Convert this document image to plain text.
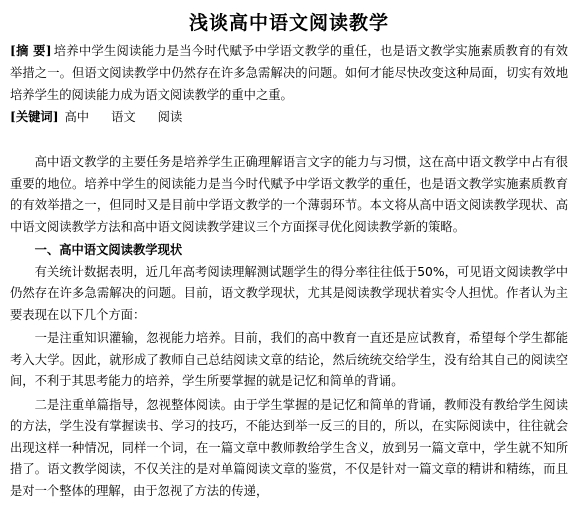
浅谈高中语文阅读教学
[摘 要] 培养中学生阅读能力是当今时代赋予中学语文教学的重任，也是语文教学实施素质教育的有效举措之一。但语文阅读教学中仍然存在许多急需解决的问题。如何才能尽快改变这种局面，切实有效地培养学生的阅读能力成为语文阅读教学的重中之重。
[关键词] 高中 语文 阅读

高中语文教学的主要任务是培养学生正确理解语言文字的能力与习惯，这在高中语文教学中占有很重要的地位。培养中学生的阅读能力是当今时代赋予中学语文教学的重任，也是语文教学实施素质教育的有效举措之一，但同时又是目前中学语文教学的一个薄弱环节。本文将从高中语文阅读教学现状、高中语文阅读教学方法和高中语文阅读教学建议三个方面探寻优化阅读教学新的策略。

一、高中语文阅读教学现状

有关统计数据表明，近几年高考阅读理解测试题学生的得分率往往低于50%，可见语文阅读教学中仍然存在许多急需解决的问题。目前，语文教学现状，尤其是阅读教学现状着实令人担忧。作者认为主要表现在以下几个方面：

一是注重知识灌输，忽视能力培养。目前，我们的高中教育一直还是应试教育，希望每个学生都能考入大学。因此，就形成了教师自己总结阅读文章的结论，然后统统交给学生，没有给其自己的阅读空间，不利于其思考能力的培养，学生所要掌握的就是记忆和简单的背诵。

二是注重单篇指导，忽视整体阅读。由于学生掌握的是记忆和简单的背诵，教师没有教给学生阅读的方法，学生没有掌握读书、学习的技巧，不能达到举一反三的目的，所以，在实际阅读中，往往就会出现这样一种情况，同样一个词，在一篇文章中教师教给学生含义，放到另一篇文章中，学生就不知所措了。语文教学阅读，不仅关注的是对单篇阅读文章的鉴赏，不仅是针对一篇文章的精讲和精练，而且是对一个整体的理解，由于忽视了方法的传递，
